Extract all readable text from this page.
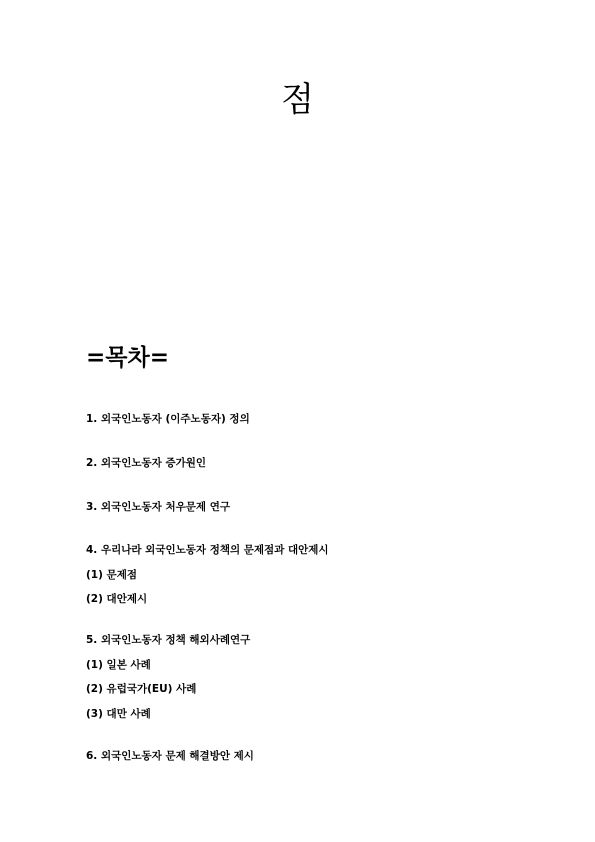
점
=목차=
1. 외국인노동자 (이주노동자) 정의
2. 외국인노동자 증가원인
3. 외국인노동자 처우문제 연구
4. 우리나라 외국인노동자 정책의 문제점과 대안제시
(1) 문제점
(2) 대안제시
5. 외국인노동자 정책 해외사례연구
(1) 일본 사례
(2) 유럽국가(EU) 사례
(3) 대만 사례
6. 외국인노동자 문제 해결방안 제시
